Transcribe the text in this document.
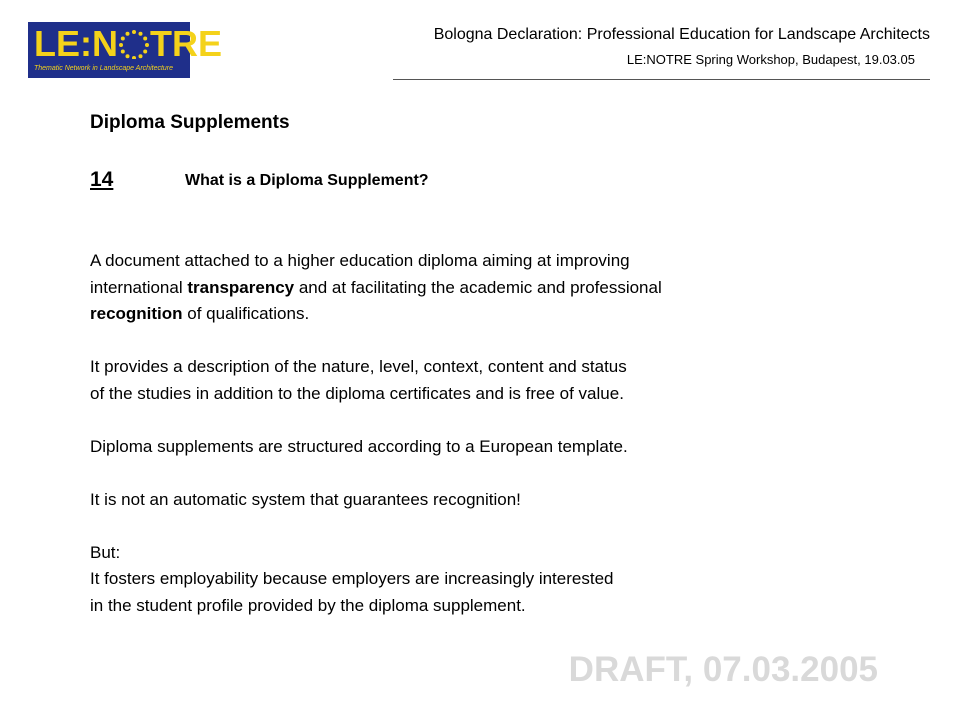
LE:N TRE
Thematic Network in Landscape Architecture
Bologna Declaration: Professional Education for Landscape Architects
LE:NOTRE Spring Workshop, Budapest, 19.03.05
Diploma Supplements
14	What is a Diploma Supplement?

A document attached to a higher education diploma aiming at improving
international transparency and at facilitating the academic and professional
recognition of qualifications.

It provides a description of the nature, level, context, content and status
of the studies in addition to the diploma certificates and is free of value.

Diploma supplements are structured according to a European template.

It is not an automatic system that guarantees recognition!

But:
It fosters employability because employers are increasingly interested
in the student profile provided by the diploma supplement.

DRAFT, 07.03.2005
